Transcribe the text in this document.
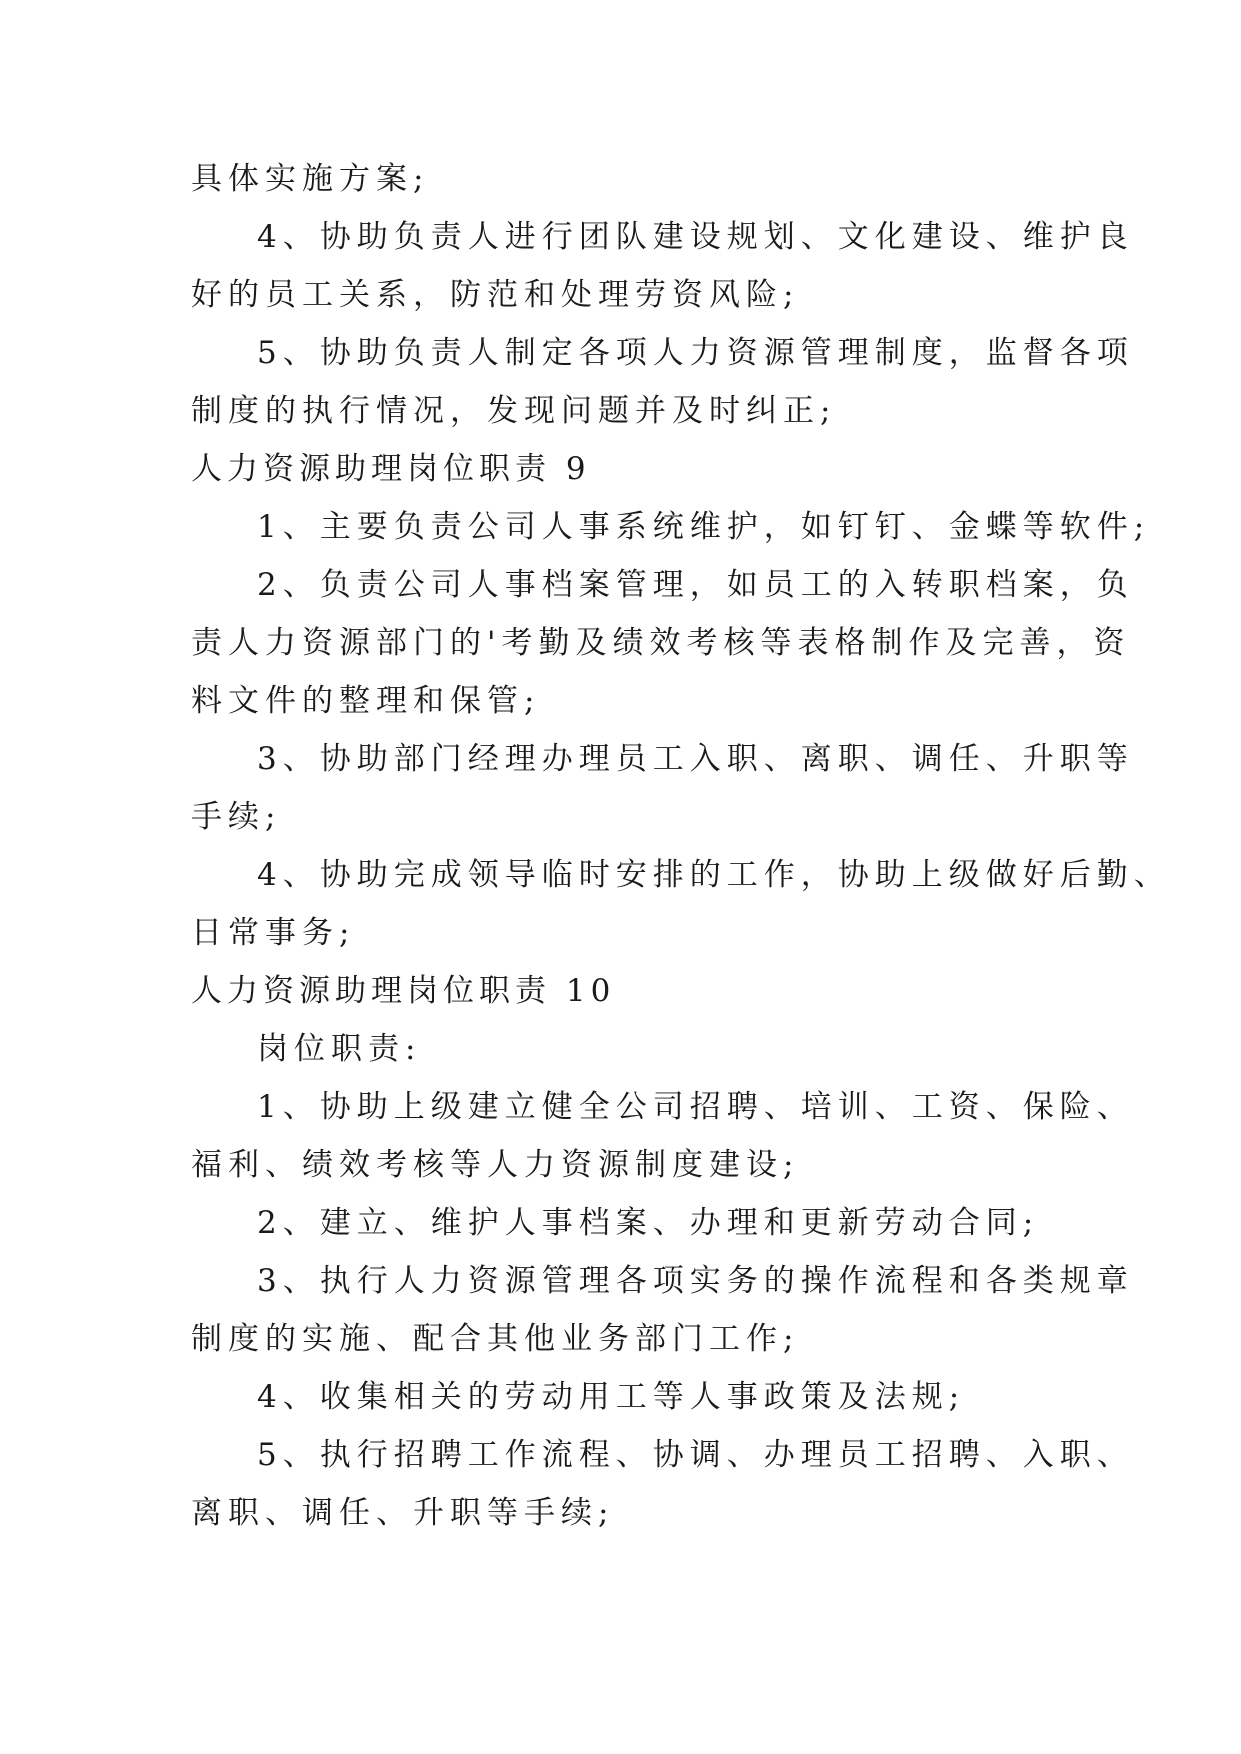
具体实施方案;

4、协助负责人进行团队建设规划、文化建设、维护良

好的员工关系，防范和处理劳资风险;

5、协助负责人制定各项人力资源管理制度，监督各项

制度的执行情况，发现问题并及时纠正;

人力资源助理岗位职责 9

1、主要负责公司人事系统维护，如钉钉、金蝶等软件;

2、负责公司人事档案管理，如员工的入转职档案，负

责人力资源部门的'考勤及绩效考核等表格制作及完善，资

料文件的整理和保管;

3、协助部门经理办理员工入职、离职、调任、升职等

手续;

4、协助完成领导临时安排的工作，协助上级做好后勤、

日常事务;

人力资源助理岗位职责 10

岗位职责:

1、协助上级建立健全公司招聘、培训、工资、保险、

福利、绩效考核等人力资源制度建设;

2、建立、维护人事档案、办理和更新劳动合同;

3、执行人力资源管理各项实务的操作流程和各类规章

制度的实施、配合其他业务部门工作;

4、收集相关的劳动用工等人事政策及法规;

5、执行招聘工作流程、协调、办理员工招聘、入职、

离职、调任、升职等手续;
